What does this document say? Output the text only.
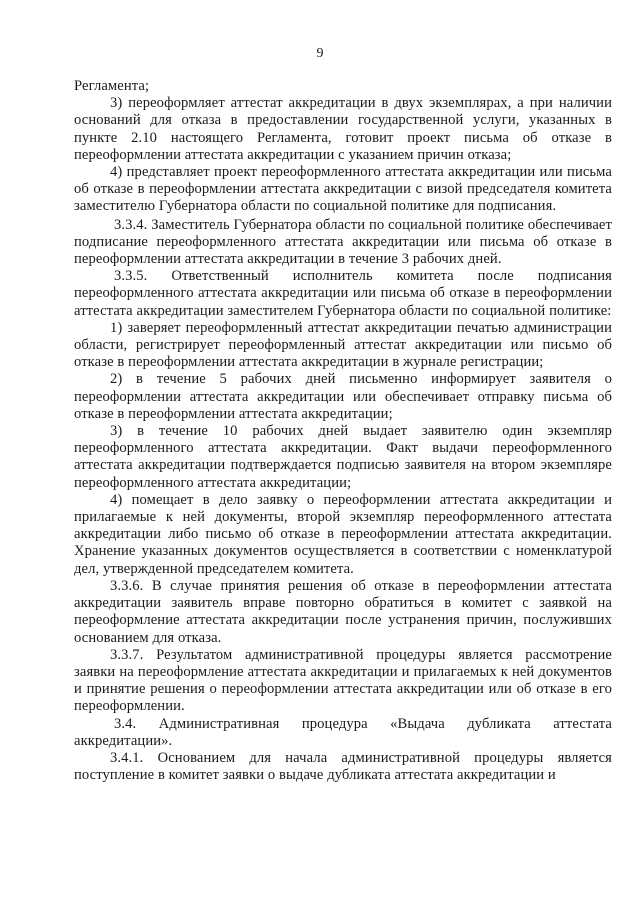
9

Регламента;

3) переоформляет аттестат аккредитации в двух экземплярах, а при наличии оснований для отказа в предоставлении государственной услуги, указанных в пункте 2.10 настоящего Регламента, готовит проект письма об отказе в переоформлении аттестата аккредитации с указанием причин отказа;

4) представляет проект переоформленного аттестата аккредитации или письма об отказе в переоформлении аттестата аккредитации с визой председателя комитета заместителю Губернатора области по социальной политике для подписания.

3.3.4. Заместитель Губернатора области по социальной политике обеспечивает подписание переоформленного аттестата аккредитации или письма об отказе в переоформлении аттестата аккредитации в течение 3 рабочих дней.

3.3.5. Ответственный исполнитель комитета после подписания переоформленного аттестата аккредитации или письма об отказе в переоформлении аттестата аккредитации заместителем Губернатора области по социальной политике:

1) заверяет переоформленный аттестат аккредитации печатью администрации области, регистрирует переоформленный аттестат аккредитации или письмо об отказе в переоформлении аттестата аккредитации в журнале регистрации;

2) в течение 5 рабочих дней письменно информирует заявителя о переоформлении аттестата аккредитации или обеспечивает отправку письма об отказе в переоформлении аттестата аккредитации;

3) в течение 10 рабочих дней выдает заявителю один экземпляр переоформленного аттестата аккредитации. Факт выдачи переоформленного аттестата аккредитации подтверждается подписью заявителя на втором экземпляре переоформленного аттестата аккредитации;

4) помещает в дело заявку о переоформлении аттестата аккредитации и прилагаемые к ней документы, второй экземпляр переоформленного аттестата аккредитации либо письмо об отказе в переоформлении аттестата аккредитации. Хранение указанных документов осуществляется в соответствии с номенклатурой дел, утвержденной председателем комитета.

3.3.6. В случае принятия решения об отказе в переоформлении аттестата аккредитации заявитель вправе повторно обратиться в комитет с заявкой на переоформление аттестата аккредитации после устранения причин, послуживших основанием для отказа.

3.3.7. Результатом административной процедуры является рассмотрение заявки на переоформление аттестата аккредитации и прилагаемых к ней документов и принятие решения о переоформлении аттестата аккредитации или об отказе в его переоформлении.

3.4. Административная процедура «Выдача дубликата аттестата аккредитации».

3.4.1. Основанием для начала административной процедуры является поступление в комитет заявки о выдаче дубликата аттестата аккредитации и
